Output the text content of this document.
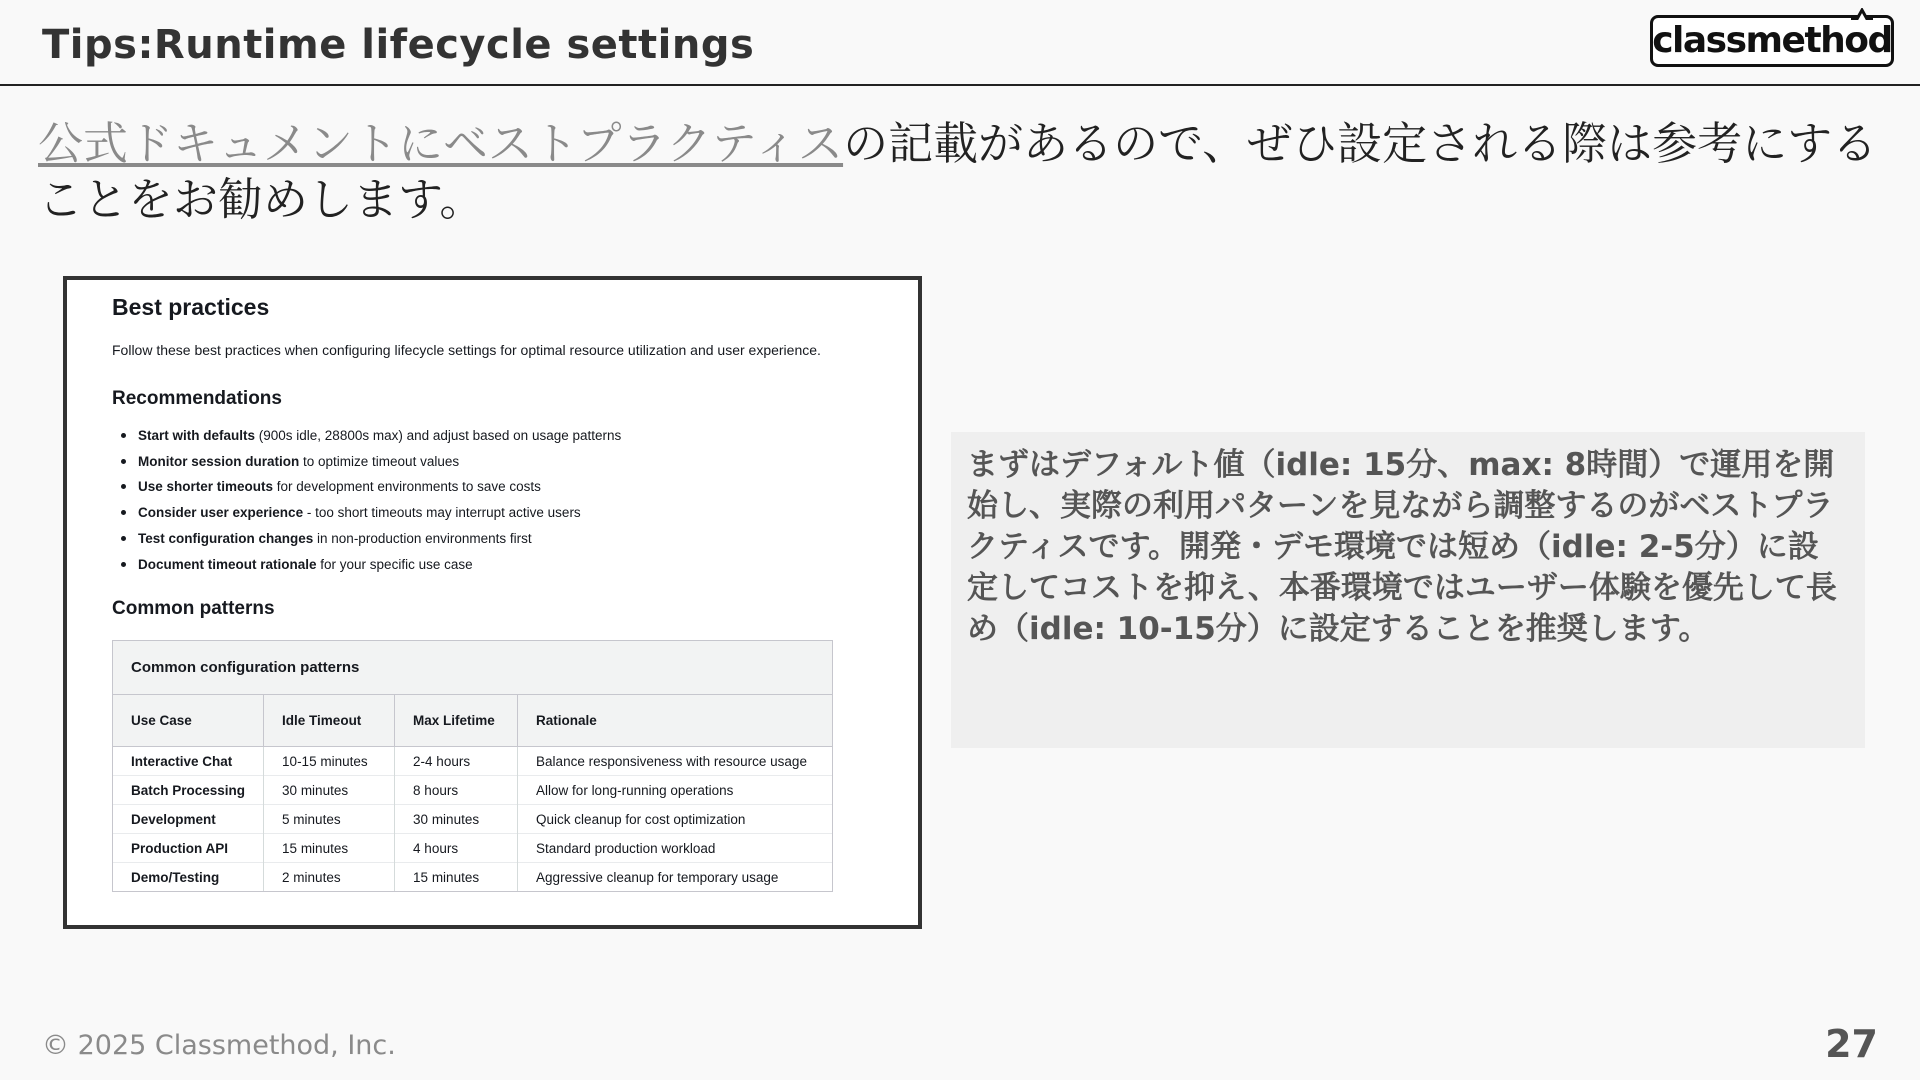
Tips:Runtime lifecycle settings	classmethod
公式ドキュメントにベストプラクティスの記載があるので、ぜひ設定される際は参考にすることをお勧めします。
Best practices
Follow these best practices when configuring lifecycle settings for optimal resource utilization and user experience.
Recommendations
Start with defaults (900s idle, 28800s max) and adjust based on usage patterns
Monitor session duration to optimize timeout values
Use shorter timeouts for development environments to save costs
Consider user experience - too short timeouts may interrupt active users
Test configuration changes in non-production environments first
Document timeout rationale for your specific use case
Common patterns
Common configuration patterns
Use Case	Idle Timeout	Max Lifetime	Rationale
Interactive Chat	10-15 minutes	2-4 hours	Balance responsiveness with resource usage
Batch Processing	30 minutes	8 hours	Allow for long-running operations
Development	5 minutes	30 minutes	Quick cleanup for cost optimization
Production API	15 minutes	4 hours	Standard production workload
Demo/Testing	2 minutes	15 minutes	Aggressive cleanup for temporary usage
まずはデフォルト値（idle: 15分、max: 8時間）で運用を開始し、実際の利用パターンを見ながら調整するのがベストプラクティスです。開発・デモ環境では短め（idle: 2-5分）に設定してコストを抑え、本番環境ではユーザー体験を優先して長め（idle: 10-15分）に設定することを推奨します。
© 2025 Classmethod, Inc.	27
